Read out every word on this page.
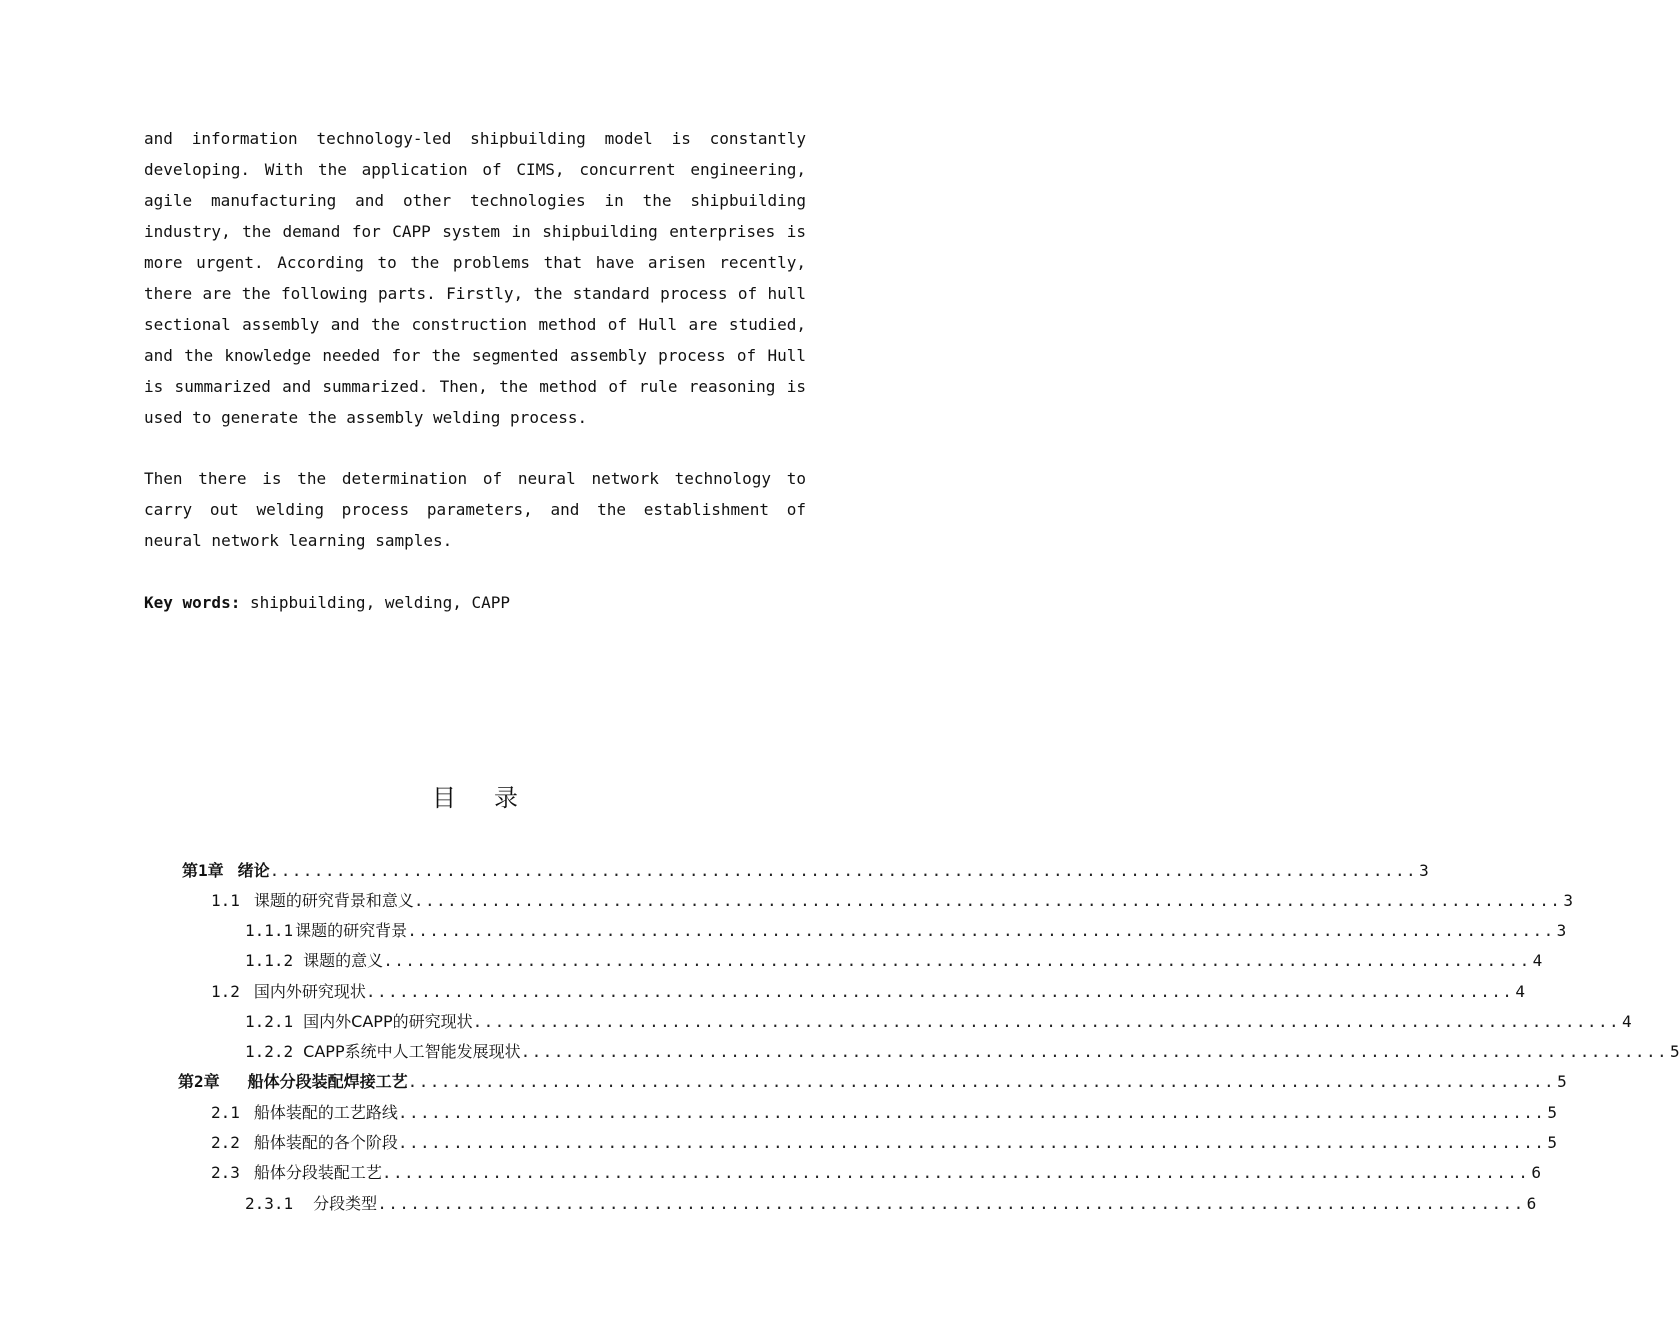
and information technology-led shipbuilding model is constantly developing. With the application of CIMS, concurrent engineering, agile manufacturing and other technologies in the shipbuilding industry, the demand for CAPP system in shipbuilding enterprises is more urgent. According to the problems that have arisen recently, there are the following parts. Firstly, the standard process of hull sectional assembly and the construction method of Hull are studied, and the knowledge needed for the segmented assembly process of Hull is summarized and summarized. Then, the method of rule reasoning is used to generate the assembly welding process.

Then there is the determination of neural network technology to carry out welding process parameters, and the establishment of neural network learning samples.

Key words: shipbuilding, welding, CAPP
目录
第1章 绪论 ........................................................................................................ 3
1.1 课题的研究背景和意义 ........................................................................................................ 3
1.1.1 课题的研究背景 ........................................................................................................ 3
1.1.2 课题的意义 ........................................................................................................ 4
1.2 国内外研究现状 ........................................................................................................ 4
1.2.1 国内外CAPP的研究现状 ........................................................................................................ 4
1.2.2 CAPP系统中人工智能发展现状 ........................................................................................................ 5
第2章 船体分段装配焊接工艺 ........................................................................................................ 5
2.1 船体装配的工艺路线 ........................................................................................................ 5
2.2 船体装配的各个阶段 ........................................................................................................ 5
2.3 船体分段装配工艺 ........................................................................................................ 6
2.3.1 分段类型 ........................................................................................................ 6
